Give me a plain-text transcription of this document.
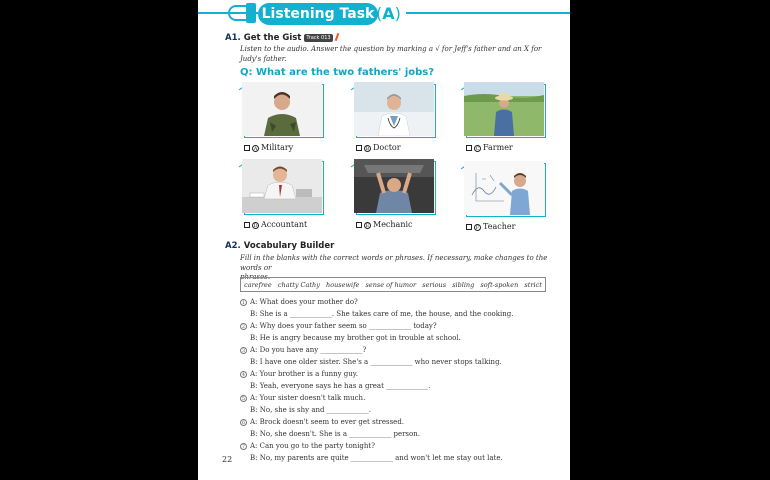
Listening Task (A)
A1. Get the Gist Track 013
Listen to the audio. Answer the question by marking a √ for Jeff's father and an X for
Judy's father.
Q: What are the two fathers' jobs?
A Military	B Doctor	C Farmer
D Accountant	E Mechanic	F Teacher
A2. Vocabulary Builder
Fill in the blanks with the correct words or phrases. If necessary, make changes to the words or
phrases.
carefree chatty Cathy housewife sense of humor serious sibling soft-spoken strict
1 A: What does your mother do?
B: She is a ____________. She takes care of me, the house, and the cooking.
2 A: Why does your father seem so ____________ today?
B: He is angry because my brother got in trouble at school.
3 A: Do you have any ____________?
B: I have one older sister. She's a ____________ who never stops talking.
4 A: Your brother is a funny guy.
B: Yeah, everyone says he has a great ____________.
5 A: Your sister doesn't talk much.
B: No, she is shy and ____________.
6 A: Brock doesn't seem to ever get stressed.
B: No, she doesn't. She is a ____________ person.
7 A: Can you go to the party tonight?
B: No, my parents are quite ____________ and won't let me stay out late.
22
